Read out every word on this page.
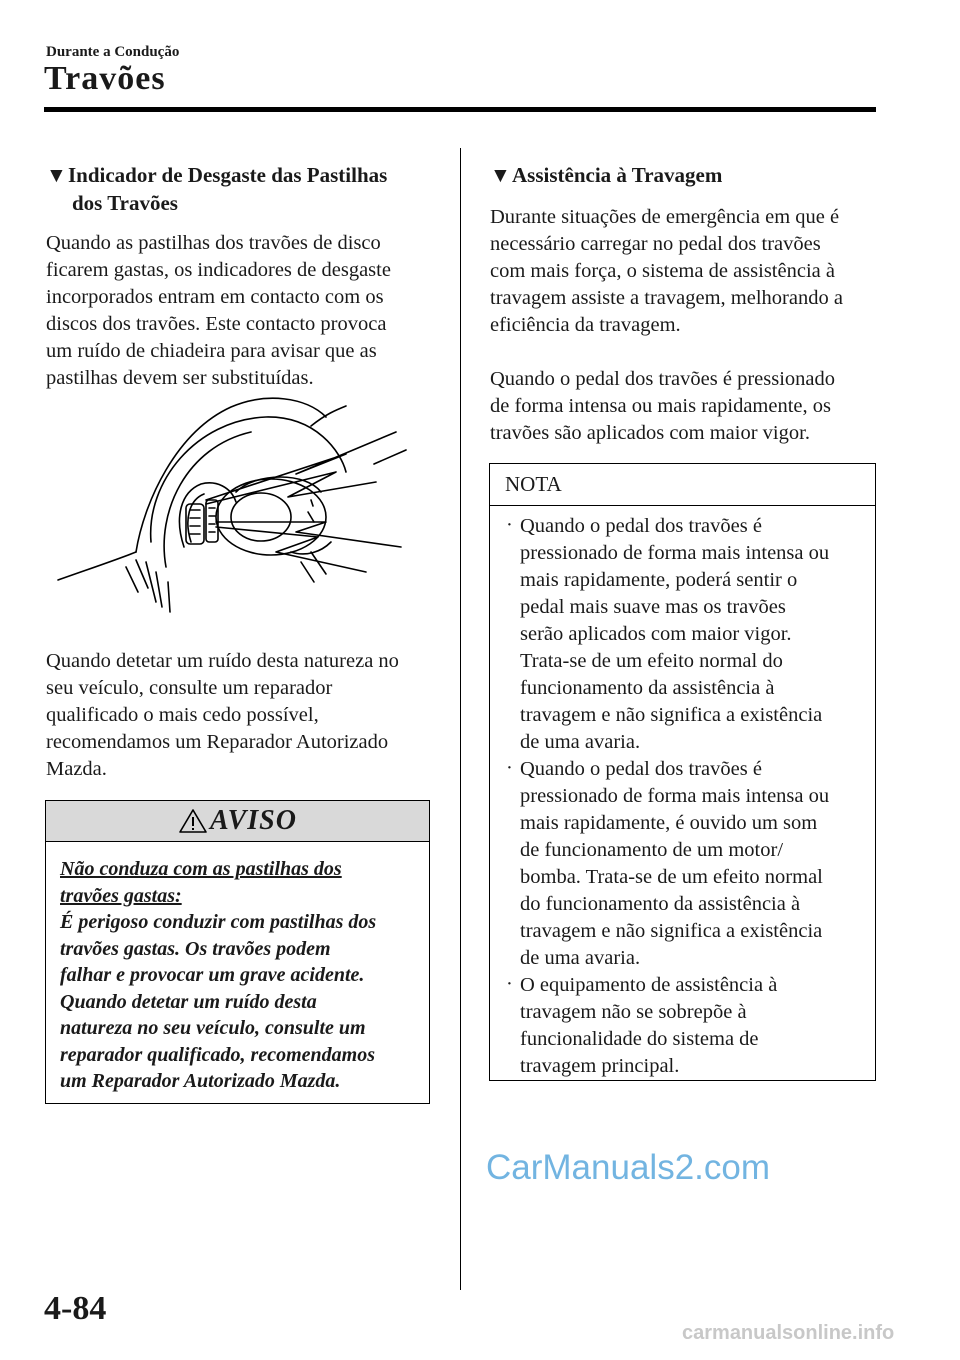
Durante a Condução
Travões
▼Indicador de Desgaste das Pastilhas
dos Travões
Quando as pastilhas dos travões de disco
ficarem gastas, os indicadores de desgaste
incorporados entram em contacto com os
discos dos travões. Este contacto provoca
um ruído de chiadeira para avisar que as
pastilhas devem ser substituídas.
Quando detetar um ruído desta natureza no
seu veículo, consulte um reparador
qualificado o mais cedo possível,
recomendamos um Reparador Autorizado
Mazda.
AVISO
Não conduza com as pastilhas dos
travões gastas:
É perigoso conduzir com pastilhas dos
travões gastas. Os travões podem
falhar e provocar um grave acidente.
Quando detetar um ruído desta
natureza no seu veículo, consulte um
reparador qualificado, recomendamos
um Reparador Autorizado Mazda.
▼Assistência à Travagem
Durante situações de emergência em que é
necessário carregar no pedal dos travões
com mais força, o sistema de assistência à
travagem assiste a travagem, melhorando a
eficiência da travagem.
Quando o pedal dos travões é pressionado
de forma intensa ou mais rapidamente, os
travões são aplicados com maior vigor.
NOTA
· Quando o pedal dos travões é
pressionado de forma mais intensa ou
mais rapidamente, poderá sentir o
pedal mais suave mas os travões
serão aplicados com maior vigor.
Trata-se de um efeito normal do
funcionamento da assistência à
travagem e não significa a existência
de uma avaria.
· Quando o pedal dos travões é
pressionado de forma mais intensa ou
mais rapidamente, é ouvido um som
de funcionamento de um motor/
bomba. Trata-se de um efeito normal
do funcionamento da assistência à
travagem e não significa a existência
de uma avaria.
· O equipamento de assistência à
travagem não se sobrepõe à
funcionalidade do sistema de
travagem principal.
CarManuals2.com
4-84
carmanualsonline.info
